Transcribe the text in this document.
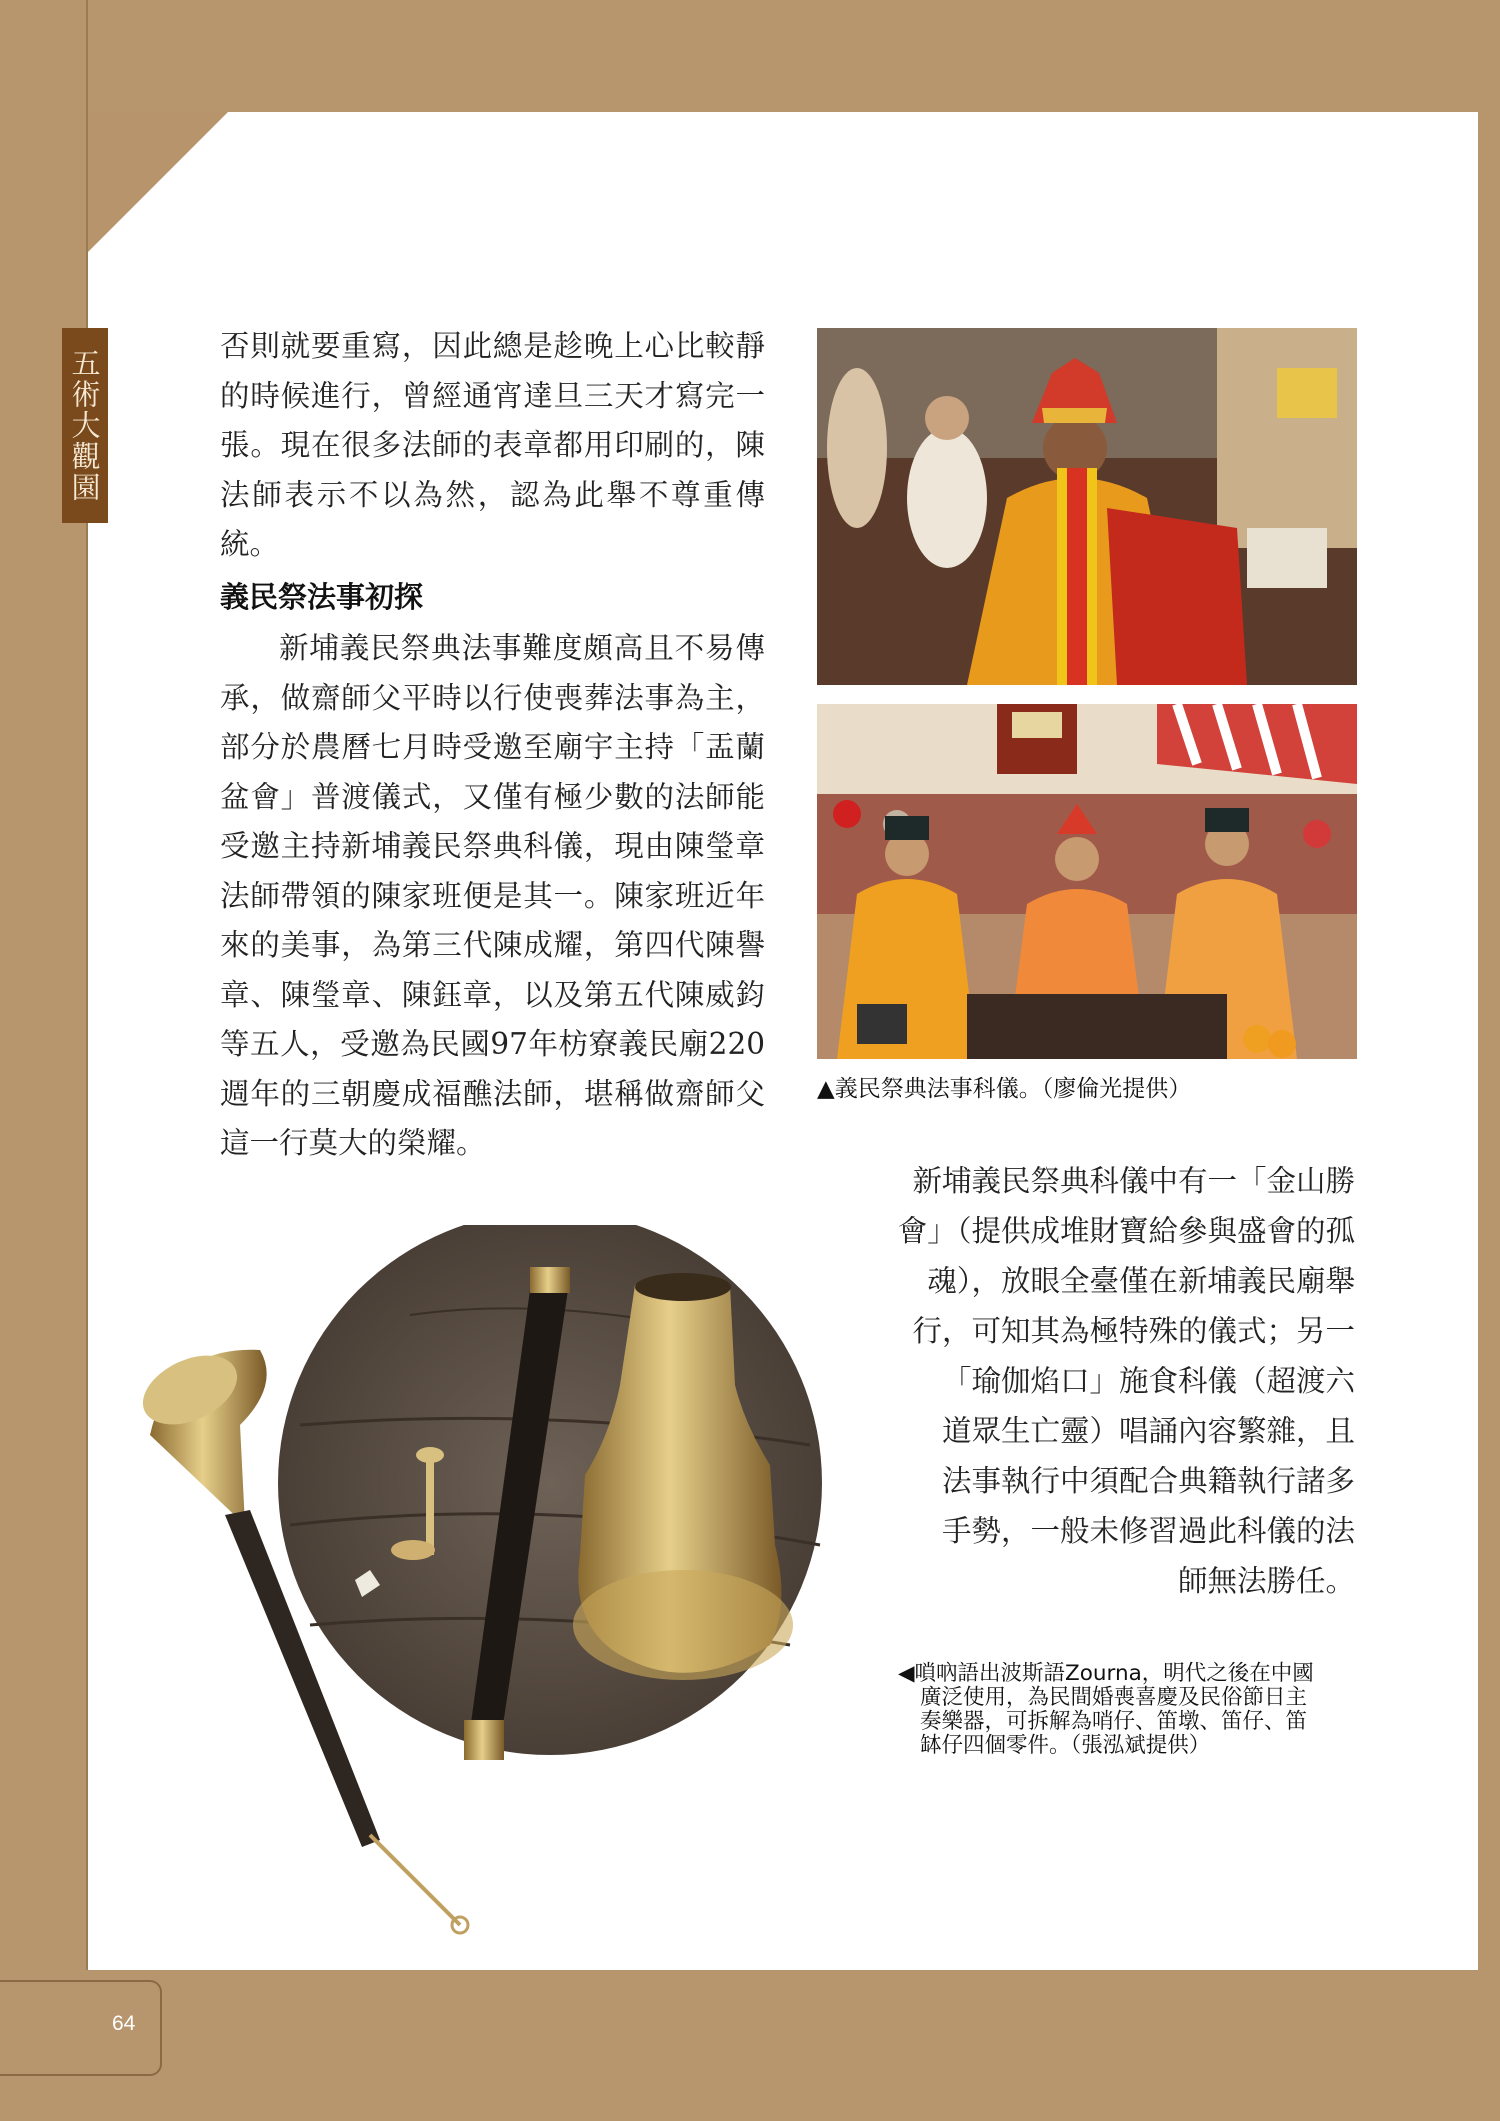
五術大觀園

否則就要重寫，因此總是趁晚上心比較靜的時候進行，曾經通宵達旦三天才寫完一張。現在很多法師的表章都用印刷的，陳法師表示不以為然，認為此舉不尊重傳統。

義民祭法事初探

新埔義民祭典法事難度頗高且不易傳承，做齋師父平時以行使喪葬法事為主，部分於農曆七月時受邀至廟宇主持「盂蘭盆會」普渡儀式，又僅有極少數的法師能受邀主持新埔義民祭典科儀，現由陳瑩章法師帶領的陳家班便是其一。陳家班近年來的美事，為第三代陳成耀，第四代陳譽章、陳瑩章、陳鈺章，以及第五代陳威鈞等五人，受邀為民國97年枋寮義民廟220週年的三朝慶成福醮法師，堪稱做齋師父這一行莫大的榮耀。

▲義民祭典法事科儀。（廖倫光提供）

新埔義民祭典科儀中有一「金山勝
會」（提供成堆財寶給參與盛會的孤
魂），放眼全臺僅在新埔義民廟舉
行，可知其為極特殊的儀式；另一
「瑜伽焰口」施食科儀（超渡六
道眾生亡靈）唱誦內容繁雜，且
法事執行中須配合典籍執行諸多
手勢，一般未修習過此科儀的法
師無法勝任。

◀嗩吶語出波斯語Zourna，明代之後在中國
廣泛使用，為民間婚喪喜慶及民俗節日主
奏樂器，可拆解為哨仔、笛墩、笛仔、笛
缽仔四個零件。（張泓斌提供）

64
